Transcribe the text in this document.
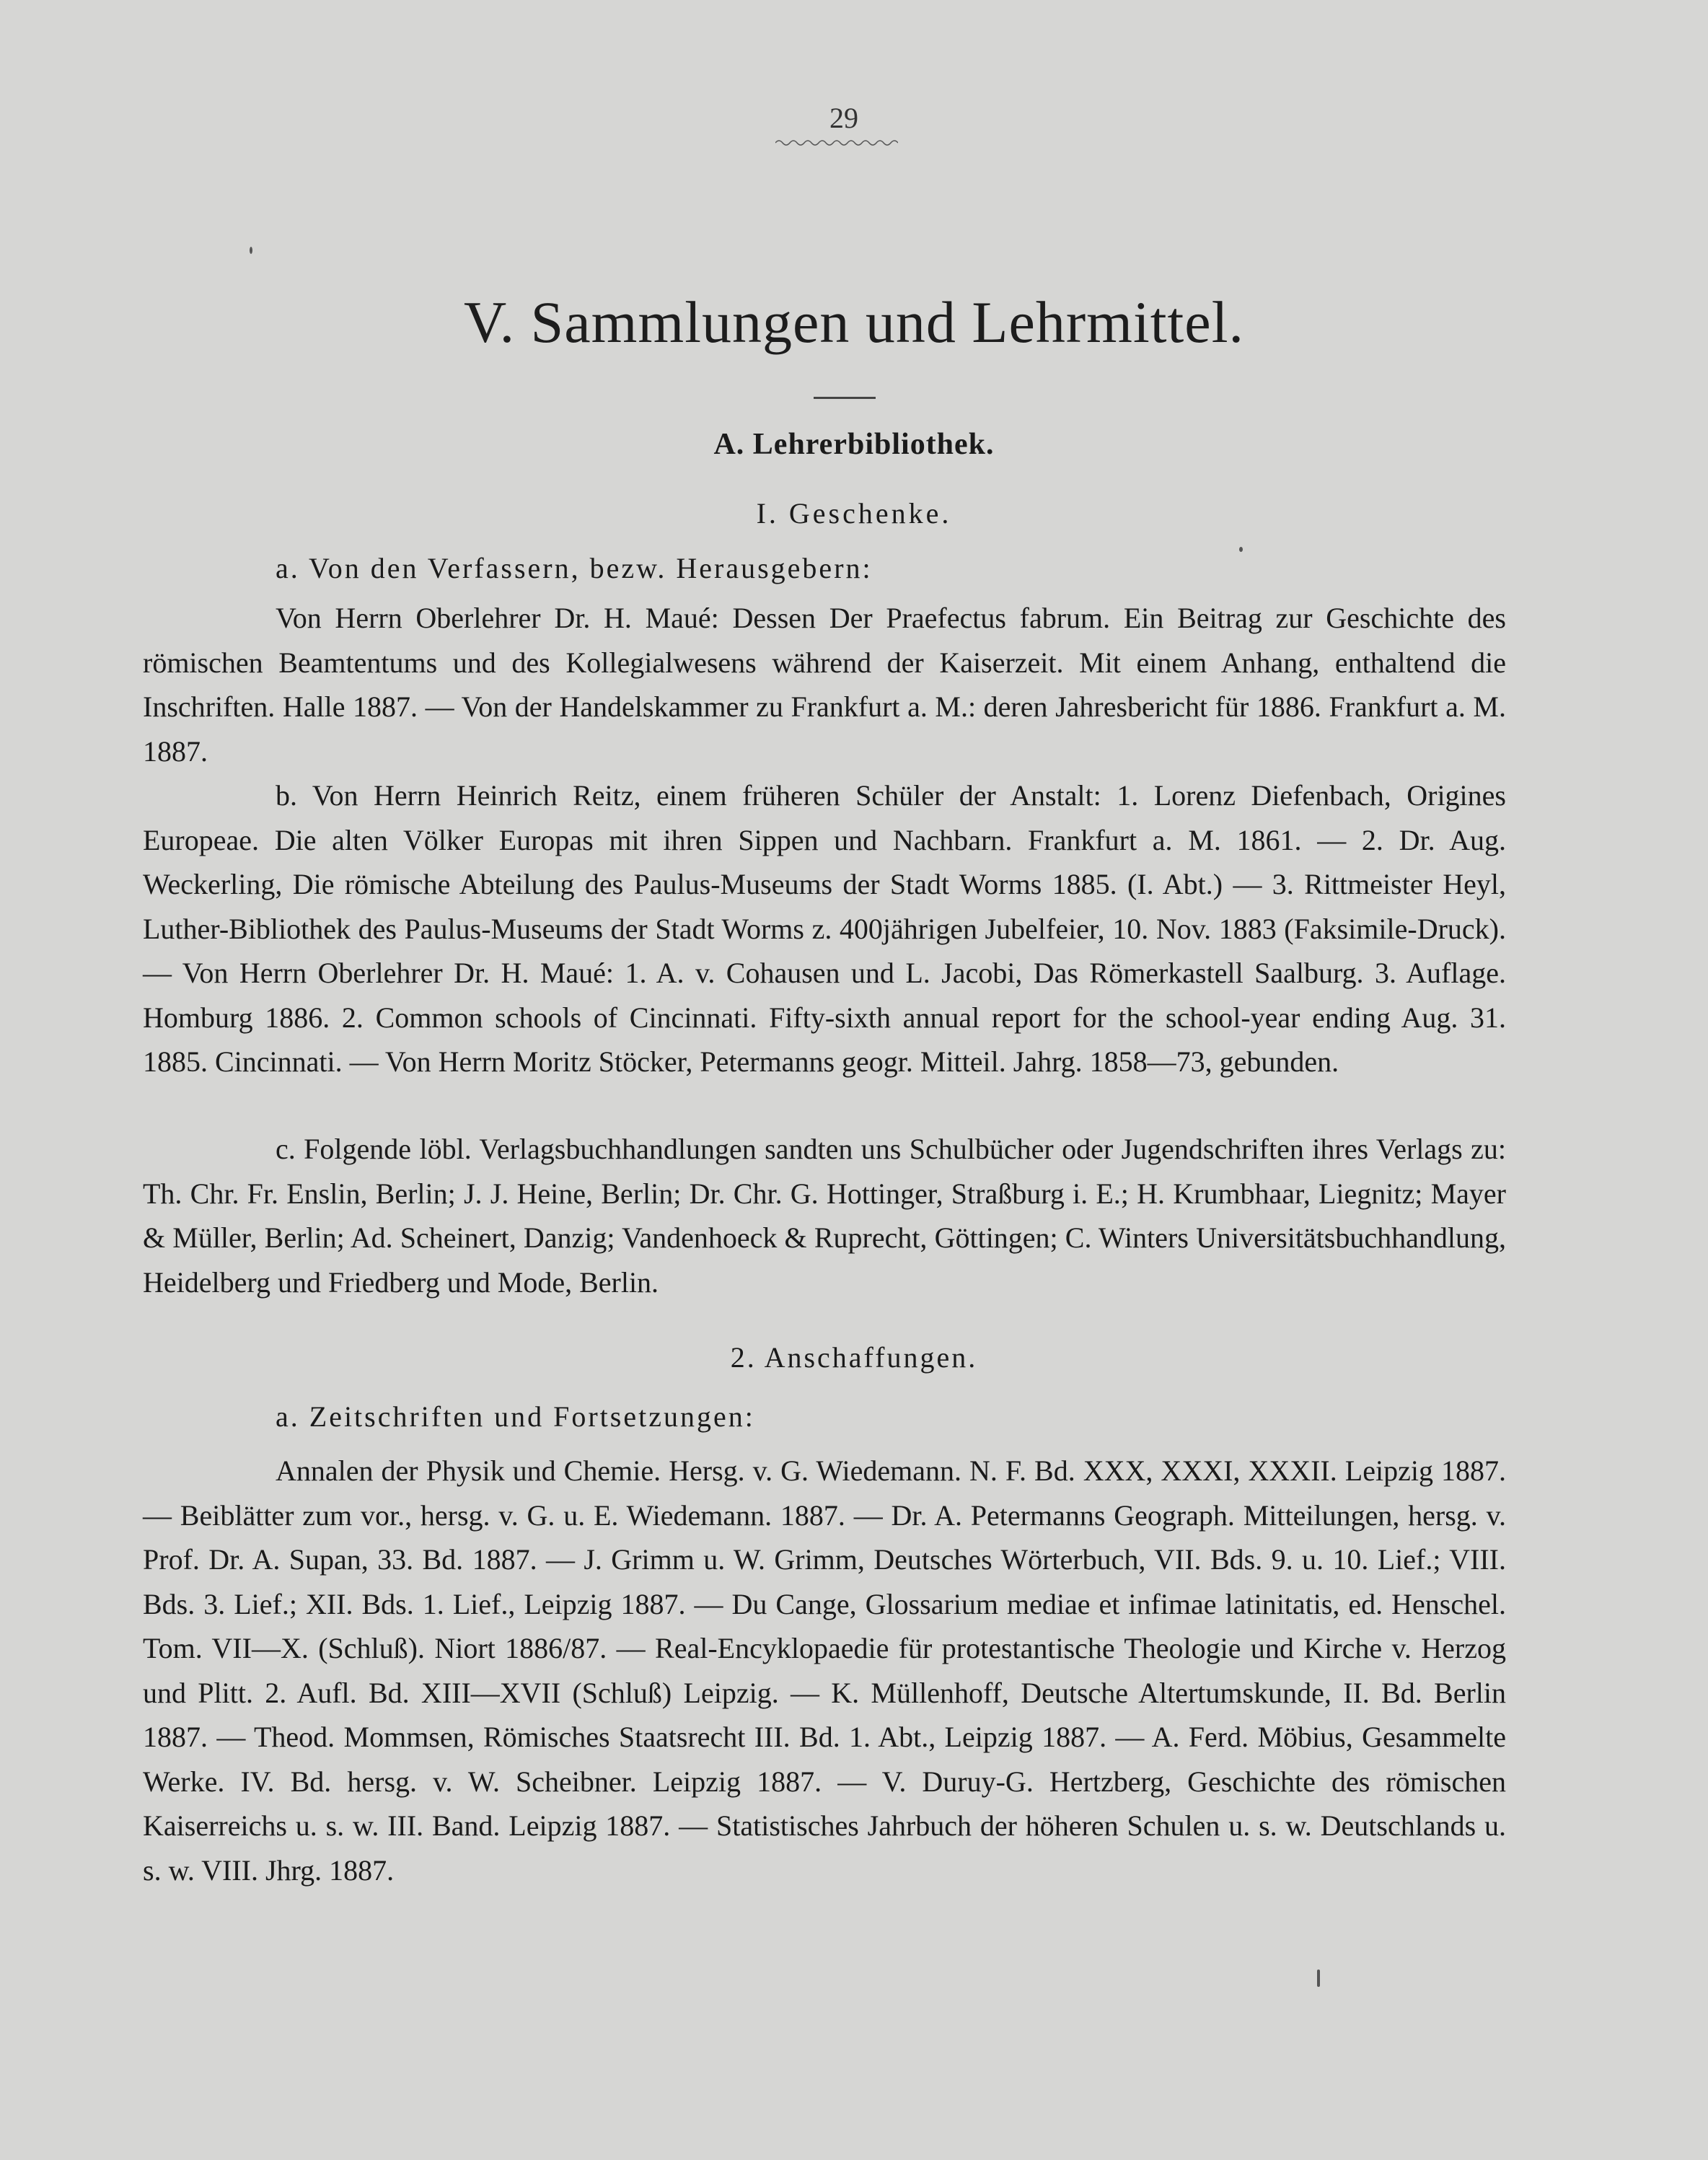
29
V. Sammlungen und Lehrmittel.
A. Lehrerbibliothek.
I. Geschenke.

a. Von den Verfassern, bezw. Herausgebern:

Von Herrn Oberlehrer Dr. H. Maué: Dessen Der Praefectus fabrum. Ein Beitrag zur Geschichte des römischen Beamtentums und des Kollegialwesens während der Kaiserzeit. Mit einem Anhang, enthaltend die Inschriften. Halle 1887. — Von der Handelskammer zu Frankfurt a. M.: deren Jahresbericht für 1886. Frankfurt a. M. 1887.

b. Von Herrn Heinrich Reitz, einem früheren Schüler der Anstalt: 1. Lorenz Diefenbach, Origines Europeae. Die alten Völker Europas mit ihren Sippen und Nachbarn. Frankfurt a. M. 1861. — 2. Dr. Aug. Weckerling, Die römische Abteilung des Paulus-Museums der Stadt Worms 1885. (I. Abt.) — 3. Rittmeister Heyl, Luther-Bibliothek des Paulus-Museums der Stadt Worms z. 400jährigen Jubelfeier, 10. Nov. 1883 (Faksimile-Druck). — Von Herrn Oberlehrer Dr. H. Maué: 1. A. v. Cohausen und L. Jacobi, Das Römerkastell Saalburg. 3. Auflage. Homburg 1886. 2. Common schools of Cincinnati. Fifty-sixth annual report for the school-year ending Aug. 31. 1885. Cincinnati. — Von Herrn Moritz Stöcker, Petermanns geogr. Mitteil. Jahrg. 1858—73, gebunden.

c. Folgende löbl. Verlagsbuchhandlungen sandten uns Schulbücher oder Jugendschriften ihres Verlags zu: Th. Chr. Fr. Enslin, Berlin; J. J. Heine, Berlin; Dr. Chr. G. Hottinger, Straßburg i. E.; H. Krumbhaar, Liegnitz; Mayer & Müller, Berlin; Ad. Scheinert, Danzig; Vandenhoeck & Ruprecht, Göttingen; C. Winters Universitätsbuchhandlung, Heidelberg und Friedberg und Mode, Berlin.

2. Anschaffungen.

a. Zeitschriften und Fortsetzungen:

Annalen der Physik und Chemie. Hersg. v. G. Wiedemann. N. F. Bd. XXX, XXXI, XXXII. Leipzig 1887. — Beiblätter zum vor., hersg. v. G. u. E. Wiedemann. 1887. — Dr. A. Petermanns Geograph. Mitteilungen, hersg. v. Prof. Dr. A. Supan, 33. Bd. 1887. — J. Grimm u. W. Grimm, Deutsches Wörterbuch, VII. Bds. 9. u. 10. Lief.; VIII. Bds. 3. Lief.; XII. Bds. 1. Lief., Leipzig 1887. — Du Cange, Glossarium mediae et infimae latinitatis, ed. Henschel. Tom. VII—X. (Schluß). Niort 1886/87. — Real-Encyklopaedie für protestantische Theologie und Kirche v. Herzog und Plitt. 2. Aufl. Bd. XIII—XVII (Schluß) Leipzig. — K. Müllenhoff, Deutsche Altertumskunde, II. Bd. Berlin 1887. — Theod. Mommsen, Römisches Staatsrecht III. Bd. 1. Abt., Leipzig 1887. — A. Ferd. Möbius, Gesammelte Werke. IV. Bd. hersg. v. W. Scheibner. Leipzig 1887. — V. Duruy-G. Hertzberg, Geschichte des römischen Kaiserreichs u. s. w. III. Band. Leipzig 1887. — Statistisches Jahrbuch der höheren Schulen u. s. w. Deutschlands u. s. w. VIII. Jhrg. 1887.
